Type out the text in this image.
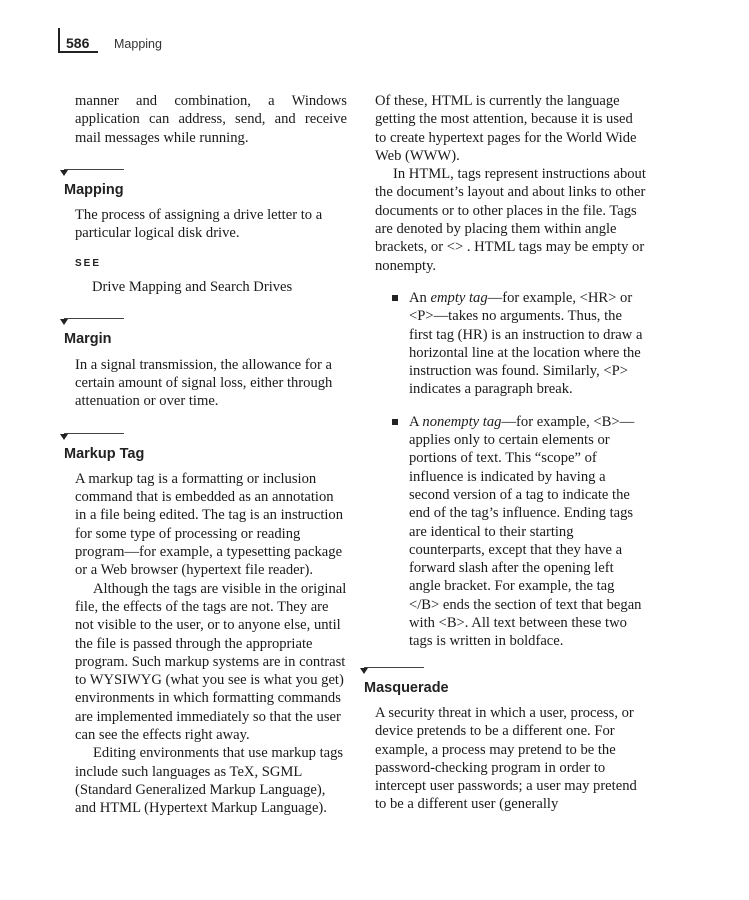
586 Mapping

manner and combination, a Windows application can address, send, and receive mail messages while running.

Mapping

The process of assigning a drive letter to a particular logical disk drive.

SEE

Drive Mapping and Search Drives

Margin

In a signal transmission, the allowance for a certain amount of signal loss, either through attenuation or over time.

Markup Tag

A markup tag is a formatting or inclusion command that is embedded as an annotation in a file being edited. The tag is an instruction for some type of processing or reading program—for example, a typesetting package or a Web browser (hypertext file reader).

Although the tags are visible in the original file, the effects of the tags are not. They are not visible to the user, or to anyone else, until the file is passed through the appropriate program. Such markup systems are in contrast to WYSIWYG (what you see is what you get) environments in which formatting commands are implemented immediately so that the user can see the effects right away.

Editing environments that use markup tags include such languages as TeX, SGML (Standard Generalized Markup Language), and HTML (Hypertext Markup Language).

Of these, HTML is currently the language getting the most attention, because it is used to create hypertext pages for the World Wide Web (WWW).

In HTML, tags represent instructions about the document’s layout and about links to other documents or to other places in the file. Tags are denoted by placing them within angle brackets, or <> . HTML tags may be empty or nonempty.

An empty tag—for example, <HR> or <P>—takes no arguments. Thus, the first tag (HR) is an instruction to draw a horizontal line at the location where the instruction was found. Similarly, <P> indicates a paragraph break.
A nonempty tag—for example, <B>—applies only to certain elements or portions of text. This “scope” of influence is indicated by having a second version of a tag to indicate the end of the tag’s influence. Ending tags are identical to their starting counterparts, except that they have a forward slash after the opening left angle bracket. For example, the tag </B> ends the section of text that began with <B>. All text between these two tags is written in boldface.
Masquerade

A security threat in which a user, process, or device pretends to be a different one. For example, a process may pretend to be the password-checking program in order to intercept user passwords; a user may pretend to be a different user (generally
